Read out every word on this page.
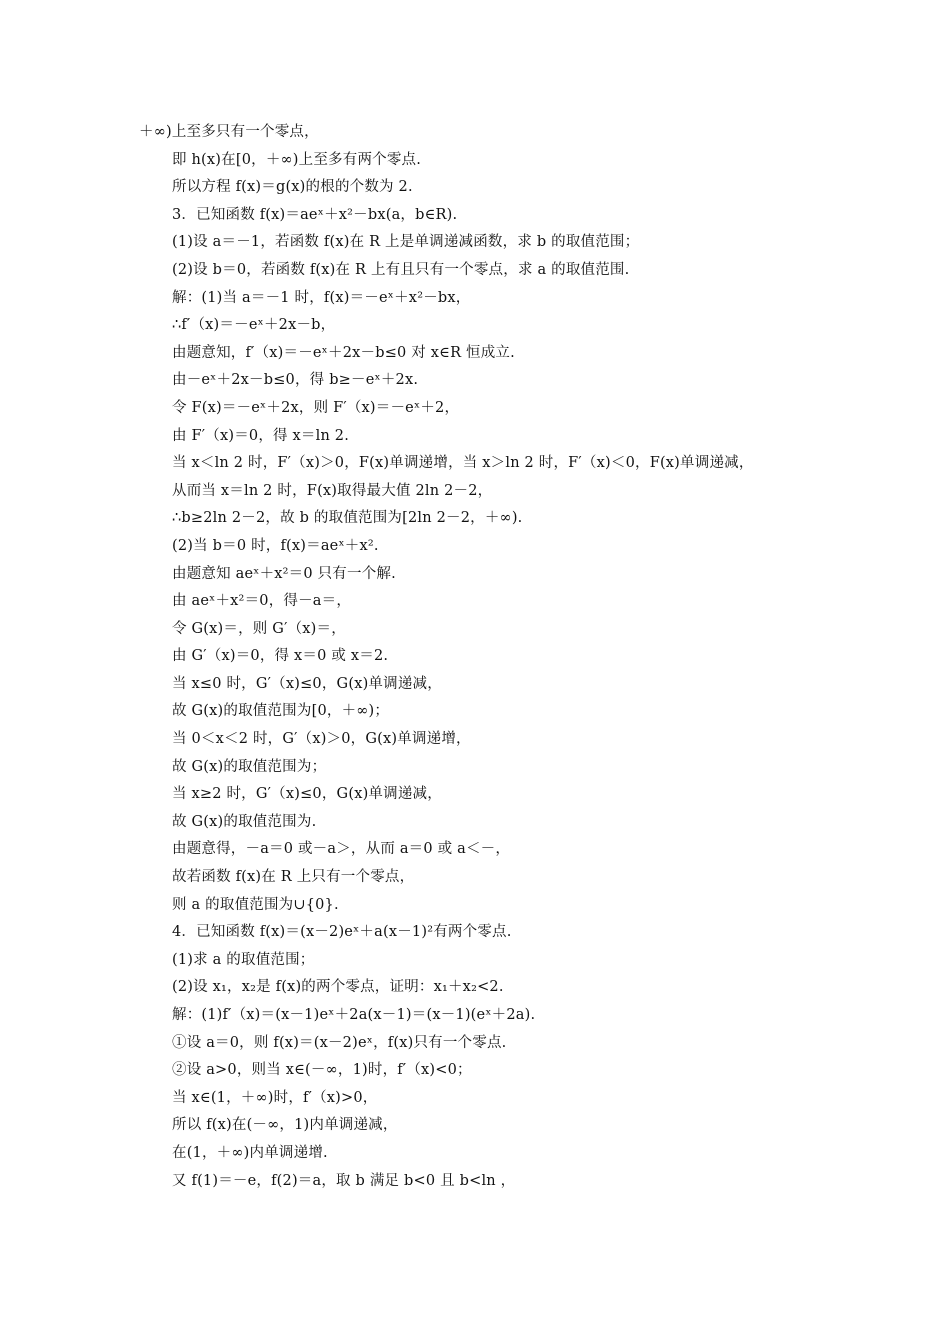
＋∞)上至多只有一个零点，
即 h(x)在[0，＋∞)上至多有两个零点.
所以方程 f(x)＝g(x)的根的个数为 2.
3．已知函数 f(x)＝aeˣ＋x²－bx(a，b∈R).
(1)设 a＝－1，若函数 f(x)在 R 上是单调递减函数，求 b 的取值范围；
(2)设 b＝0，若函数 f(x)在 R 上有且只有一个零点，求 a 的取值范围.
解：(1)当 a＝－1 时，f(x)＝－eˣ＋x²－bx，
∴f′（x)＝－eˣ＋2x－b，
由题意知，f′（x)＝－eˣ＋2x－b≤0 对 x∈R 恒成立.
由－eˣ＋2x－b≤0，得 b≥－eˣ＋2x.
令 F(x)＝－eˣ＋2x，则 F′（x)＝－eˣ＋2，
由 F′（x)＝0，得 x＝ln 2.
当 x＜ln 2 时，F′（x)＞0，F(x)单调递增，当 x＞ln 2 时，F′（x)＜0，F(x)单调递减，
从而当 x＝ln 2 时，F(x)取得最大值 2ln 2－2，
∴b≥2ln 2－2，故 b 的取值范围为[2ln 2－2，＋∞).
(2)当 b＝0 时，f(x)＝aeˣ＋x².
由题意知 aeˣ＋x²＝0 只有一个解.
由 aeˣ＋x²＝0，得－a＝，
令 G(x)＝，则 G′（x)＝，
由 G′（x)＝0，得 x＝0 或 x＝2.
当 x≤0 时，G′（x)≤0，G(x)单调递减，
故 G(x)的取值范围为[0，＋∞)；
当 0＜x＜2 时，G′（x)＞0，G(x)单调递增，
故 G(x)的取值范围为；
当 x≥2 时，G′（x)≤0，G(x)单调递减，
故 G(x)的取值范围为.
由题意得，－a＝0 或－a＞，从而 a＝0 或 a＜－，
故若函数 f(x)在 R 上只有一个零点，
则 a 的取值范围为∪{0}.
4．已知函数 f(x)＝(x－2)eˣ＋a(x－1)²有两个零点.
(1)求 a 的取值范围；
(2)设 x₁，x₂是 f(x)的两个零点，证明：x₁＋x₂<2.
解：(1)f′（x)＝(x－1)eˣ＋2a(x－1)＝(x－1)(eˣ＋2a).
①设 a＝0，则 f(x)＝(x－2)eˣ，f(x)只有一个零点.
②设 a>0，则当 x∈(－∞，1)时，f′（x)<0；
当 x∈(1，＋∞)时，f′（x)>0，
所以 f(x)在(－∞，1)内单调递减，
在(1，＋∞)内单调递增.
又 f(1)＝－e，f(2)＝a，取 b 满足 b<0 且 b<ln ，
